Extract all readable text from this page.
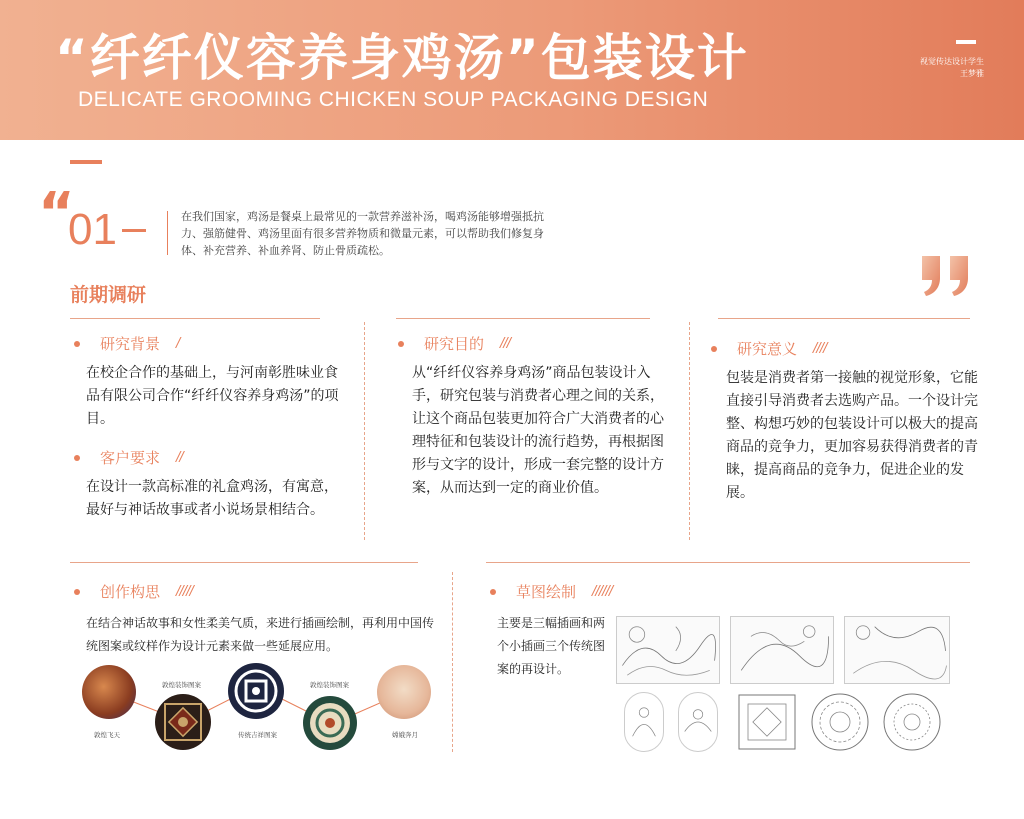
“纤纤仪容养身鸡汤”包装设计
DELICATE GROOMING CHICKEN SOUP PACKAGING DESIGN
视觉传达设计学生
王梦雅
“
01	在我们国家，鸡汤是餐桌上最常见的一款营养滋补汤，喝鸡汤能够增强抵抗力、强筋健骨、鸡汤里面有很多营养物质和微量元素，可以帮助我们修复身体、补充营养、补血养肾、防止骨质疏松。
前期调研
研究背景 /
在校企合作的基础上，与河南彰胜味业食品有限公司合作“纤纤仪容养身鸡汤”的项目。
客户要求 //
在设计一款高标准的礼盒鸡汤，有寓意，最好与神话故事或者小说场景相结合。
研究目的 ///
从“纤纤仪容养身鸡汤”商品包装设计入手，研究包装与消费者心理之间的关系，让这个商品包装更加符合广大消费者的心理特征和包装设计的流行趋势，再根据图形与文字的设计，形成一套完整的设计方案，从而达到一定的商业价值。
研究意义 ////
包装是消费者第一接触的视觉形象，它能直接引导消费者去选购产品。一个设计完整、构想巧妙的包装设计可以极大的提高商品的竞争力，更加容易获得消费者的青睐，提高商品的竞争力，促进企业的发展。
创作构思 /////
在结合神话故事和女性柔美气质，来进行插画绘制，再利用中国传统图案或纹样作为设计元素来做一些延展应用。
敦煌装饰图案	敦煌装饰图案
敦煌飞天	传统吉祥图案	嫦娥奔月
草图绘制 //////
主要是三幅插画和两个小插画三个传统图案的再设计。
